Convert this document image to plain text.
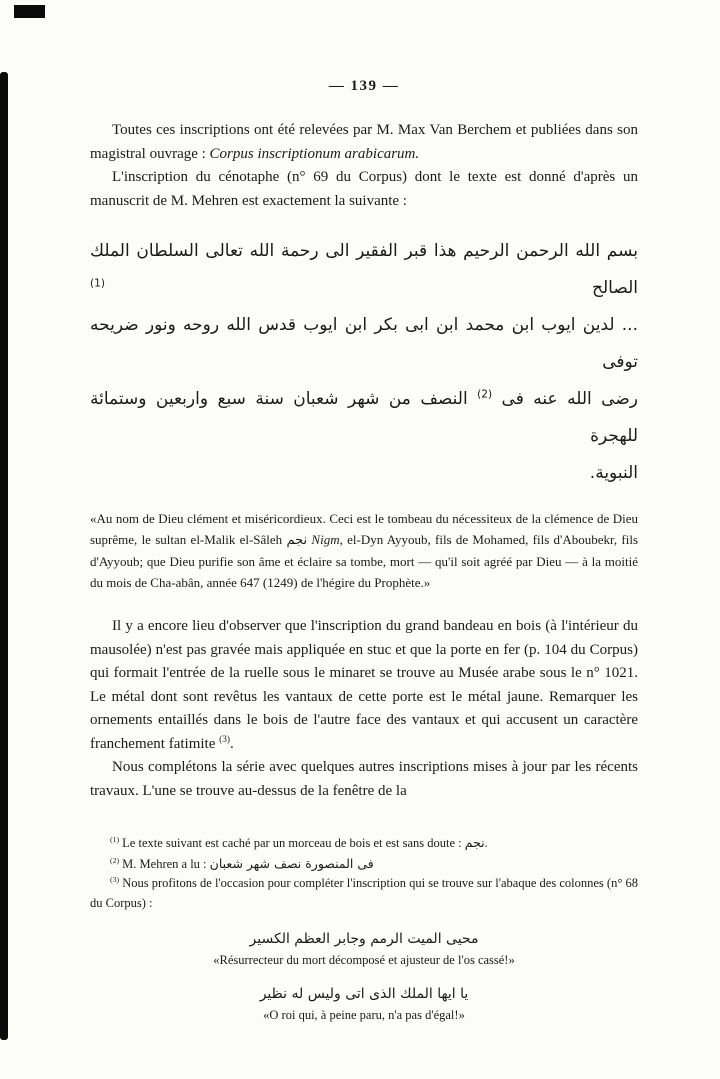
— 139 —

Toutes ces inscriptions ont été relevées par M. Max Van Berchem et publiées dans son magistral ouvrage : Corpus inscriptionum arabicarum.

L'inscription du cénotaphe (n° 69 du Corpus) dont le texte est donné d'après un manuscrit de M. Mehren est exactement la suivante :

بسم الله الرحمن الرحيم هذا قبر الفقير الى رحمة الله تعالى السلطان الملك الصالح $^{(1)}$
... لدين ايوب ابن محمد ابن ابى بكر ابن ايوب قدس الله روحه ونور ضريحه توفى
رضى الله عنه فى $^{(2)}$ النصف من شهر شعبان سنة سبع واربعين وستمائة للهجرة
النبوية.

«Au nom de Dieu clément et miséricordieux. Ceci est le tombeau du nécessiteux de la clémence de Dieu suprême, le sultan el-Malik el-Sâleh نجم Nigm, el-Dyn Ayyoub, fils de Mohamed, fils d'Aboubekr, fils d'Ayyoub; que Dieu purifie son âme et éclaire sa tombe, mort — qu'il soit agréé par Dieu — à la moitié du mois de Cha-abân, année 647 (1249) de l'hégire du Prophète.»

Il y a encore lieu d'observer que l'inscription du grand bandeau en bois (à l'intérieur du mausolée) n'est pas gravée mais appliquée en stuc et que la porte en fer (p. 104 du Corpus) qui formait l'entrée de la ruelle sous le minaret se trouve au Musée arabe sous le n° 1021. Le métal dont sont revêtus les vantaux de cette porte est le métal jaune. Remarquer les ornements entaillés dans le bois de l'autre face des vantaux et qui accusent un caractère franchement fatimite $^{(3)}$.

Nous complétons la série avec quelques autres inscriptions mises à jour par les récents travaux. L'une se trouve au-dessus de la fenêtre de la

$^{(1)}$ Le texte suivant est caché par un morceau de bois et est sans doute : نجم.

$^{(2)}$ M. Mehren a lu : فى المنصورة نصف شهر شعبان

$^{(3)}$ Nous profitons de l'occasion pour compléter l'inscription qui se trouve sur l'abaque des colonnes (n° 68 du Corpus) :

محيى الميت الرمم وجابر العظم الكسير
«Résurrecteur du mort décomposé et ajusteur de l'os cassé!»
يا ايها الملك الذى اتى وليس له نظير
«O roi qui, à peine paru, n'a pas d'égal!»
